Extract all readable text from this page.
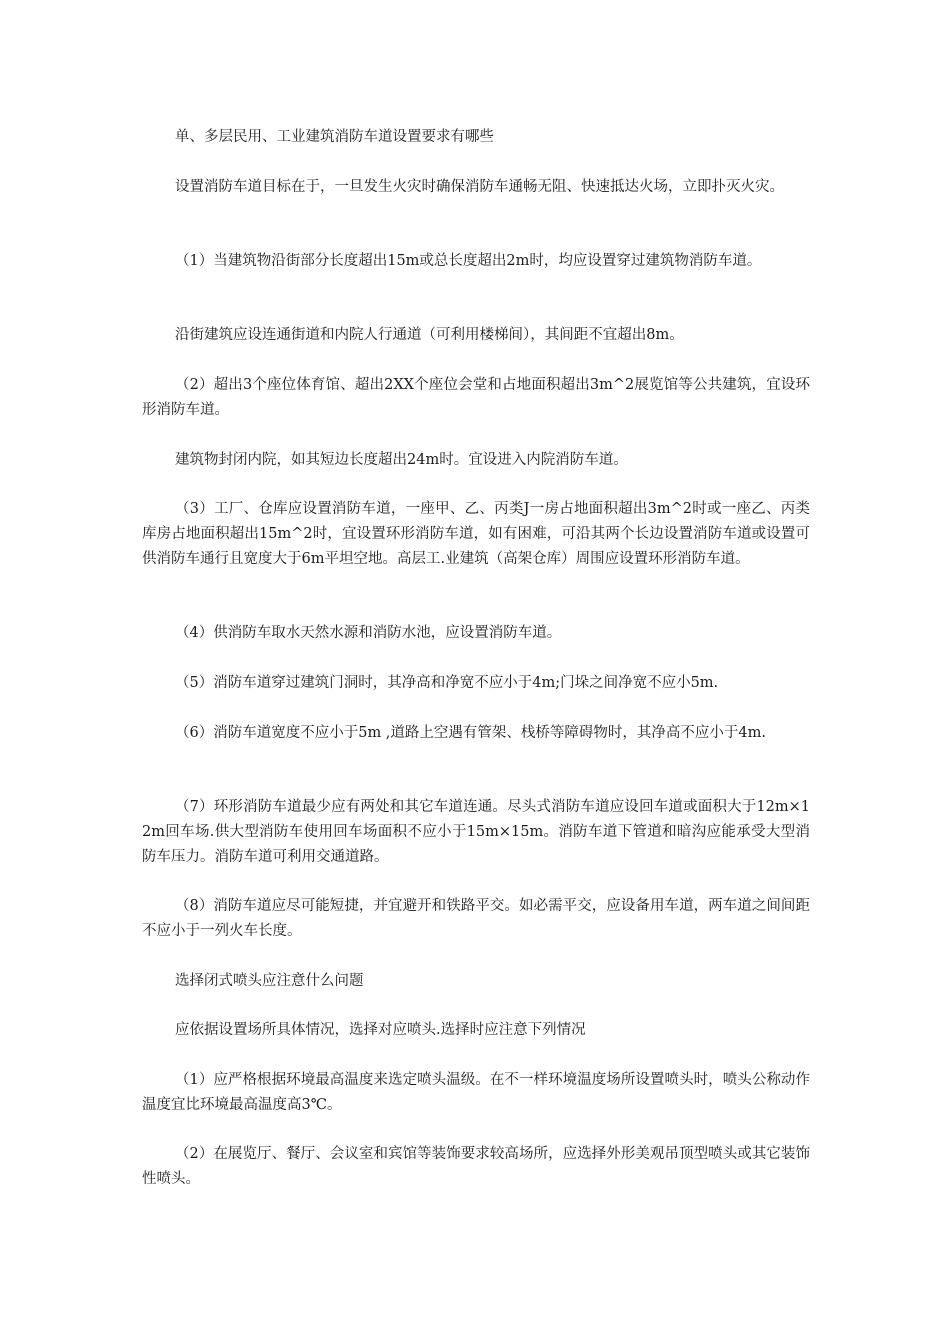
单、多层民用、工业建筑消防车道设置要求有哪些

设置消防车道目标在于，一旦发生火灾时确保消防车通畅无阻、快速抵达火场，立即扑灭火灾。

（1）当建筑物沿街部分长度超出15m或总长度超出2m时，均应设置穿过建筑物消防车道。

沿街建筑应设连通街道和内院人行通道（可利用楼梯间），其间距不宜超出8m。

（2）超出3个座位体育馆、超出2XX个座位会堂和占地面积超出3m^2展览馆等公共建筑，宜设环形消防车道。

建筑物封闭内院，如其短边长度超出24m时。宜设进入内院消防车道。

（3）工厂、仓库应设置消防车道，一座甲、乙、丙类J一房占地面积超出3m^2时或一座乙、丙类库房占地面积超出15m^2时，宜设置环形消防车道，如有困难，可沿其两个长边设置消防车道或设置可供消防车通行且宽度大于6m平坦空地。高层工.业建筑（高架仓库）周围应设置环形消防车道。

（4）供消防车取水天然水源和消防水池，应设置消防车道。

（5）消防车道穿过建筑门洞时，其净高和净宽不应小于4m;门垛之间净宽不应小5m.

（6）消防车道宽度不应小于5m ,道路上空遇有管架、栈桥等障碍物时，其净高不应小于4m.

（7）环形消防车道最少应有两处和其它车道连通。尽头式消防车道应设回车道或面积大于12m×12m回车场.供大型消防车使用回车场面积不应小于15m×15m。消防车道下管道和暗沟应能承受大型消防车压力。消防车道可利用交通道路。

（8）消防车道应尽可能短捷，并宜避开和铁路平交。如必需平交，应设备用车道，两车道之间间距不应小于一列火车长度。

选择闭式喷头应注意什么问题

应依据设置场所具体情况，选择对应喷头.选择时应注意下列情况

（1）应严格根据环境最高温度来选定喷头温级。在不一样环境温度场所设置喷头时，喷头公称动作温度宜比环境最高温度高3℃。

（2）在展览厅、餐厅、会议室和宾馆等装饰要求较高场所，应选择外形美观吊顶型喷头或其它装饰性喷头。
